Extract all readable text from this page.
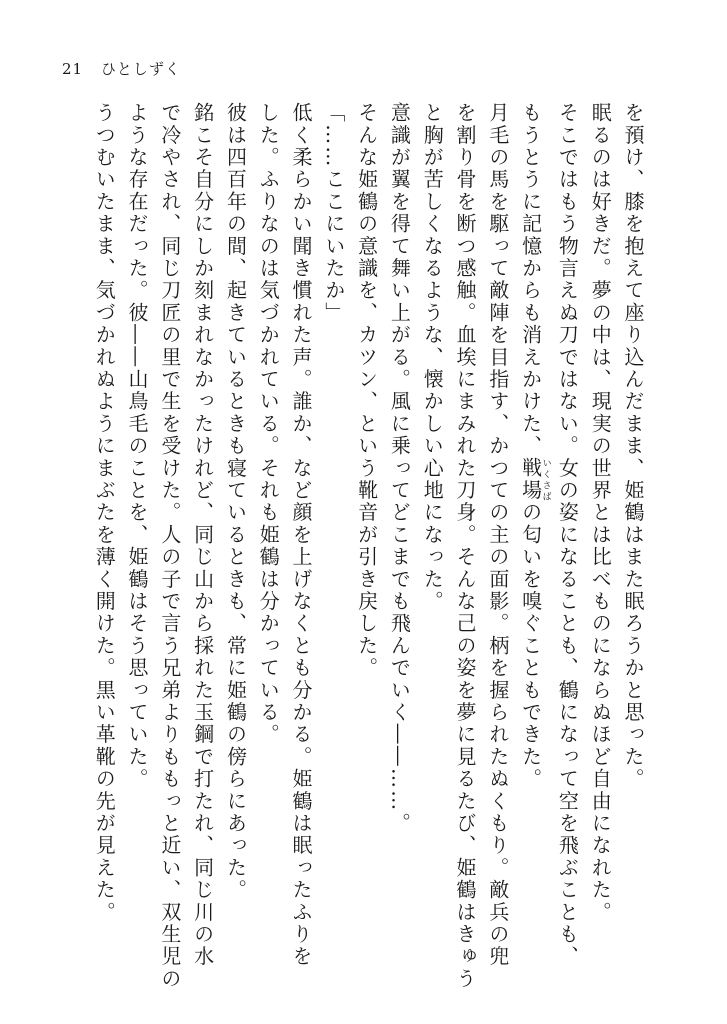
21 ひとしずく
を預け、膝を抱えて座り込んだまま、姫鶴はまた眠ろうかと思った。
眠るのは好きだ。夢の中は、現実の世界とは比べものにならぬほど自由になれた。
そこではもう物言えぬ刀ではない。女の姿になることも、鶴になって空を飛ぶことも、
もうとうに記憶からも消えかけた、戦場いくさばの匂いを嗅ぐこともできた。
月毛の馬を駆って敵陣を目指す、かつての主の面影。柄を握られたぬくもり。敵兵の兜
を割り骨を断つ感触。血埃にまみれた刀身。そんな己の姿を夢に見るたび、姫鶴はきゅう
と胸が苦しくなるような、懐かしい心地になった。
意識が翼を得て舞い上がる。風に乗ってどこまでも飛んでいく――……。
そんな姫鶴の意識を、カツン、という靴音が引き戻した。
「……ここにいたか」
低く柔らかい聞き慣れた声。誰か、など顔を上げなくとも分かる。姫鶴は眠ったふりを
した。ふりなのは気づかれている。それも姫鶴は分かっている。
彼は四百年の間、起きているときも寝ているときも、常に姫鶴の傍らにあった。
銘こそ自分にしか刻まれなかったけれど、同じ山から採れた玉鋼で打たれ、同じ川の水
で冷やされ、同じ刀匠の里で生を受けた。人の子で言う兄弟よりももっと近い、双生児の
ような存在だった。彼――山鳥毛のことを、姫鶴はそう思っていた。
うつむいたまま、気づかれぬようにまぶたを薄く開けた。黒い革靴の先が見えた。
